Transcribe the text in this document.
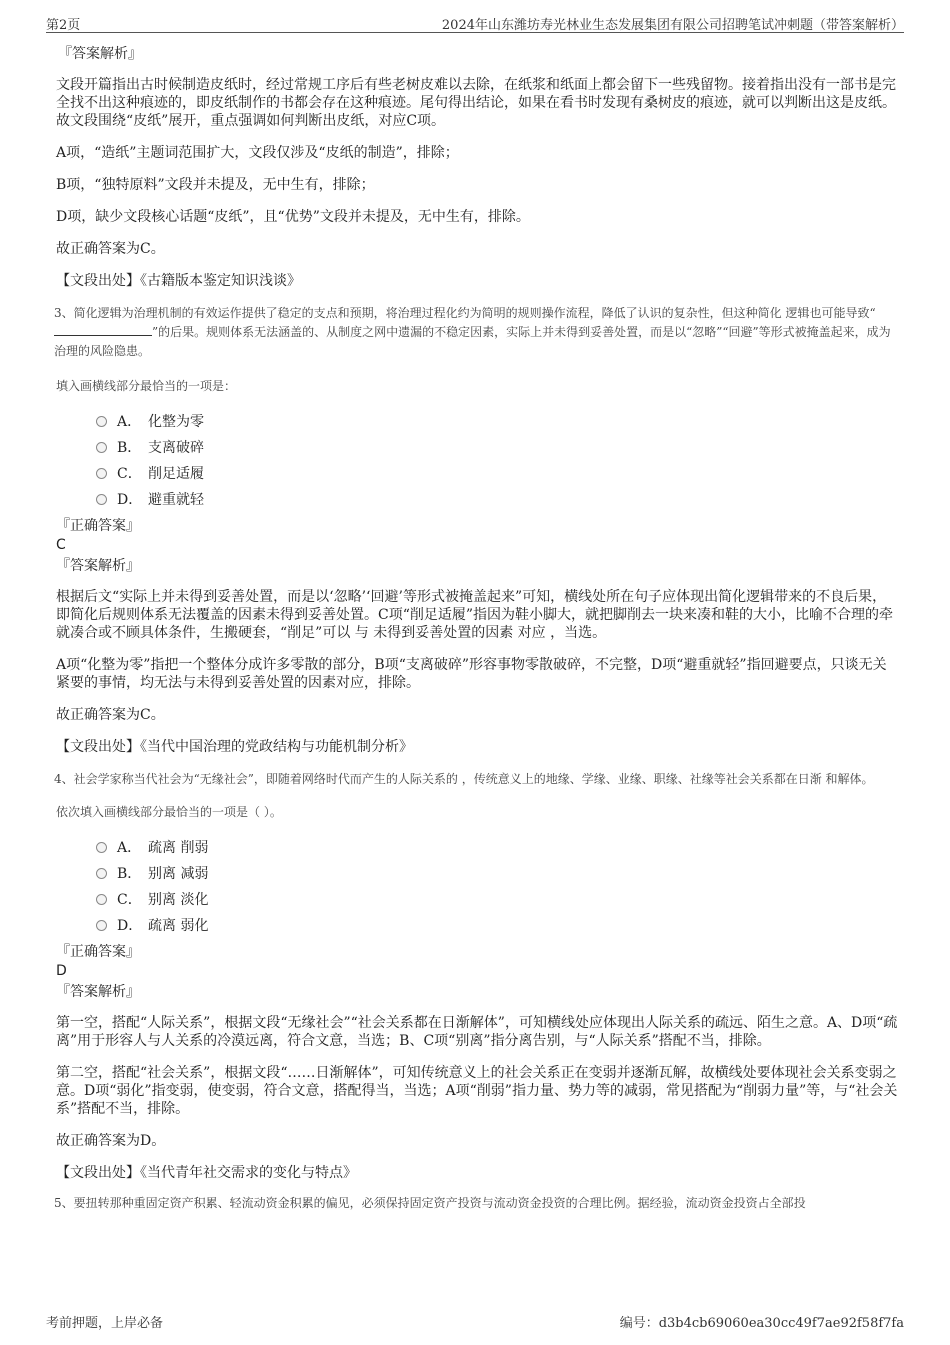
第2页	2024年山东潍坊寿光林业生态发展集团有限公司招聘笔试冲刺题（带答案解析）

『答案解析』

文段开篇指出古时候制造皮纸时，经过常规工序后有些老树皮难以去除，在纸浆和纸面上都会留下一些残留物。接着指出没有一部书是完全找不出这种痕迹的，即皮纸制作的书都会存在这种痕迹。尾句得出结论，如果在看书时发现有桑树皮的痕迹，就可以判断出这是皮纸。故文段围绕“皮纸”展开，重点强调如何判断出皮纸，对应C项。

A项，“造纸”主题词范围扩大，文段仅涉及“皮纸的制造”，排除；

B项，“独特原料”文段并未提及，无中生有，排除；

D项，缺少文段核心话题“皮纸”，且“优势”文段并未提及，无中生有，排除。

故正确答案为C。

【文段出处】《古籍版本鉴定知识浅谈》

3、简化逻辑为治理机制的有效运作提供了稳定的支点和预期，将治理过程化约为简明的规则操作流程，降低了认识的复杂性，但这种简化 逻辑也可能导致“”的后果。规则体系无法涵盖的、从制度之网中遗漏的不稳定因素，实际上并未得到妥善处置，而是以“忽略”“回避”等形式被掩盖起来，成为治理的风险隐患。

填入画横线部分最恰当的一项是：

A． 化整为零
B． 支离破碎
C． 削足适履
D． 避重就轻

『正确答案』

C

『答案解析』

根据后文“实际上并未得到妥善处置，而是以‘忽略’‘回避’等形式被掩盖起来”可知，横线处所在句子应体现出简化逻辑带来的不良后果，即简化后规则体系无法覆盖的因素未得到妥善处置。C项“削足适履”指因为鞋小脚大，就把脚削去一块来凑和鞋的大小，比喻不合理的牵就凑合或不顾具体条件，生搬硬套，“削足”可以 与 未得到妥善处置的因素 对应 ，当选。

A项“化整为零”指把一个整体分成许多零散的部分，B项“支离破碎”形容事物零散破碎，不完整，D项“避重就轻”指回避要点，只谈无关紧要的事情，均无法与未得到妥善处置的因素对应，排除。

故正确答案为C。

【文段出处】《当代中国治理的党政结构与功能机制分析》

4、社会学家称当代社会为“无缘社会”，即随着网络时代而产生的人际关系的 ，传统意义上的地缘、学缘、业缘、职缘、社缘等社会关系都在日渐 和解体。

依次填入画横线部分最恰当的一项是（ ）。

A． 疏离 削弱
B． 别离 减弱
C． 别离 淡化
D． 疏离 弱化

『正确答案』

D

『答案解析』

第一空，搭配“人际关系”，根据文段“无缘社会”“社会关系都在日渐解体”，可知横线处应体现出人际关系的疏远、陌生之意。A、D项“疏离”用于形容人与人关系的冷漠远离，符合文意，当选；B、C项“别离”指分离告别，与“人际关系”搭配不当，排除。

第二空，搭配“社会关系”，根据文段“……日渐解体”，可知传统意义上的社会关系正在变弱并逐渐瓦解，故横线处要体现社会关系变弱之意。D项“弱化”指变弱，使变弱，符合文意，搭配得当，当选；A项“削弱”指力量、势力等的减弱，常见搭配为“削弱力量”等，与“社会关系”搭配不当，排除。

故正确答案为D。

【文段出处】《当代青年社交需求的变化与特点》

5、要扭转那种重固定资产积累、轻流动资金积累的偏见，必须保持固定资产投资与流动资金投资的合理比例。据经验，流动资金投资占全部投

考前押题，上岸必备	编号：d3b4cb69060ea30cc49f7ae92f58f7fa
